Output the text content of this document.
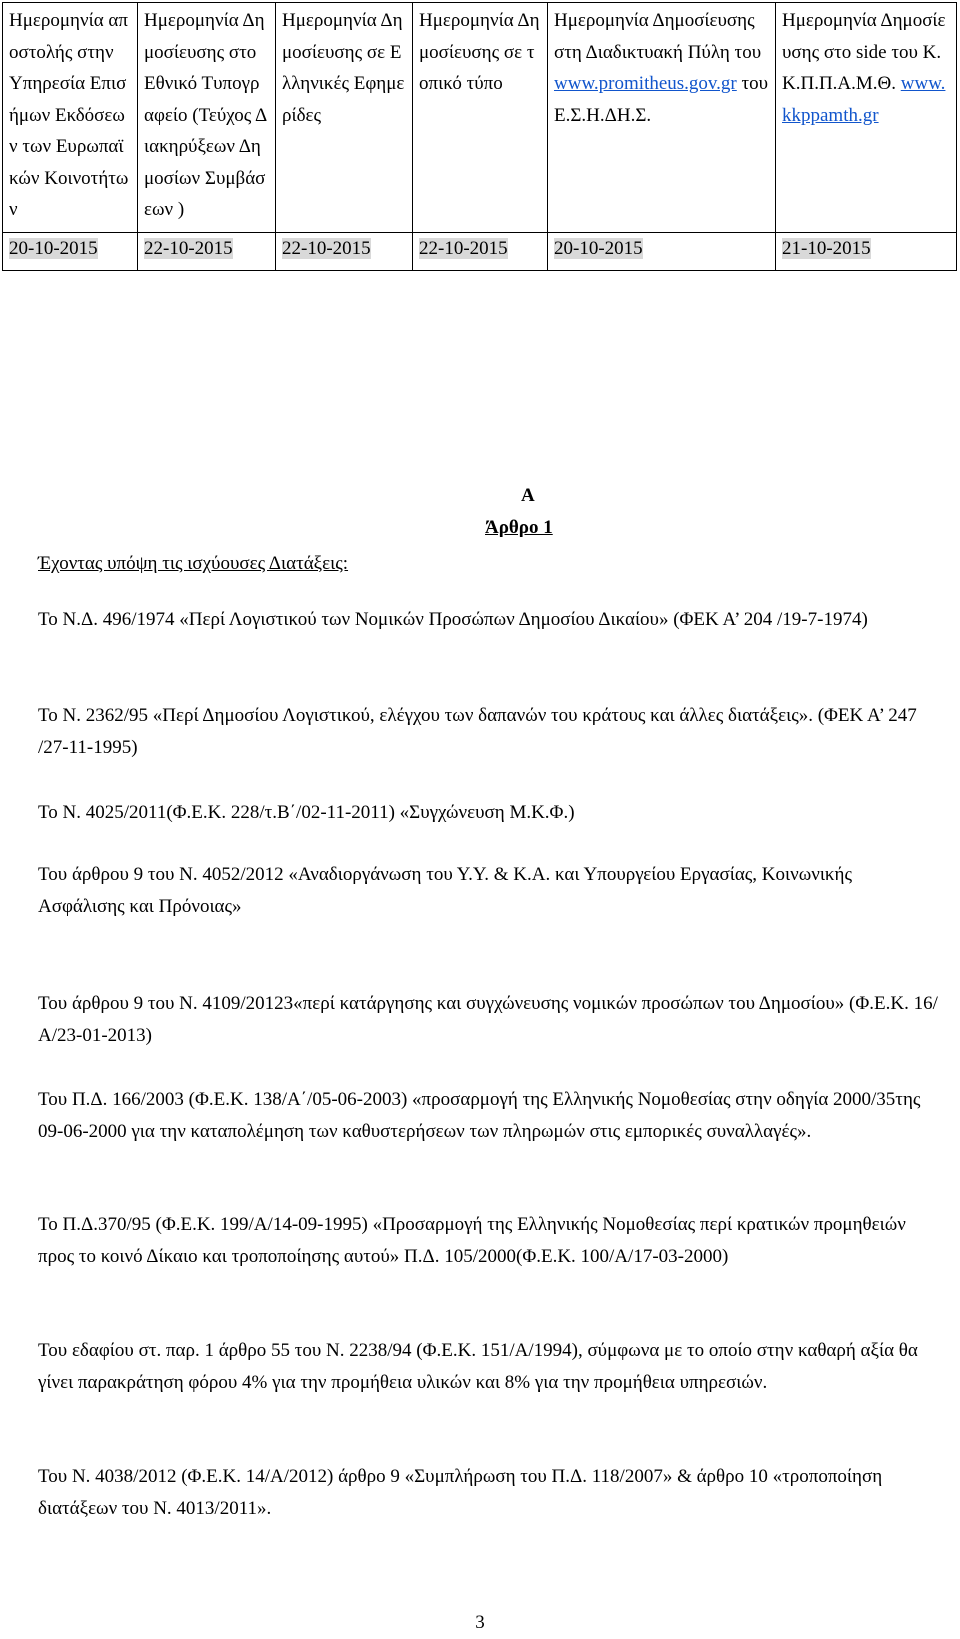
Ημερομηνία αποστολής στην Υπηρεσία Επισήμων Εκδόσεων των Ευρωπαϊκών Κοινοτήτων	Ημερομηνία Δημοσίευσης στο Εθνικό Τυπογραφείο (Τεύχος Διακηρύξεων Δημοσίων Συμβάσεων )	Ημερομηνία Δημοσίευσης σε Ελληνικές Εφημερίδες	Ημερομηνία Δημοσίευσης σε τοπικό τύπο	Ημερομηνία Δημοσίευσης στη Διαδικτυακή Πύλη του www.promitheus.gov.gr του Ε.Σ.Η.ΔΗ.Σ.	Ημερομηνία Δημοσίευσης στο side του Κ.Κ.Π.Π.Α.Μ.Θ. www.kkppamth.gr
20-10-2015	22-10-2015	22-10-2015	22-10-2015	20-10-2015	21-10-2015
Α
Άρθρο 1
Έχοντας υπόψη τις ισχύουσες Διατάξεις:
Το Ν.Δ. 496/1974 «Περί Λογιστικού των Νομικών Προσώπων Δημοσίου Δικαίου» (ΦΕΚ Α’ 204 /19-7-1974)
Το Ν. 2362/95 «Περί Δημοσίου Λογιστικού, ελέγχου των δαπανών του κράτους και άλλες διατάξεις». (ΦΕΚ Α’ 247 /27-11-1995)
Το Ν. 4025/2011(Φ.Ε.Κ. 228/τ.Β΄/02-11-2011) «Συγχώνευση Μ.Κ.Φ.)
Του άρθρου 9 του Ν. 4052/2012 «Αναδιοργάνωση του Υ.Υ. & Κ.Α. και Υπουργείου Εργασίας, Κοινωνικής Ασφάλισης και Πρόνοιας»
Του άρθρου 9 του Ν. 4109/20123«περί κατάργησης και συγχώνευσης νομικών προσώπων του Δημοσίου» (Φ.Ε.Κ. 16/Α/23-01-2013)
Του Π.Δ. 166/2003 (Φ.Ε.Κ. 138/Α΄/05-06-2003) «προσαρμογή της Ελληνικής Νομοθεσίας στην οδηγία 2000/35της 09-06-2000 για την καταπολέμηση των καθυστερήσεων των πληρωμών στις εμπορικές συναλλαγές».
Το Π.Δ.370/95 (Φ.Ε.Κ. 199/Α/14-09-1995) «Προσαρμογή της Ελληνικής Νομοθεσίας περί κρατικών προμηθειών προς το κοινό Δίκαιο και τροποποίησης αυτού» Π.Δ. 105/2000(Φ.Ε.Κ. 100/Α/17-03-2000)
Του εδαφίου στ. παρ. 1 άρθρο 55 του Ν. 2238/94 (Φ.Ε.Κ. 151/Α/1994), σύμφωνα με το οποίο στην καθαρή αξία θα γίνει παρακράτηση φόρου 4% για την προμήθεια υλικών και 8% για την προμήθεια υπηρεσιών.
Του Ν. 4038/2012 (Φ.Ε.Κ. 14/Α/2012) άρθρο 9 «Συμπλήρωση του Π.Δ. 118/2007» & άρθρο 10 «τροποποίηση διατάξεων του Ν. 4013/2011».
3
